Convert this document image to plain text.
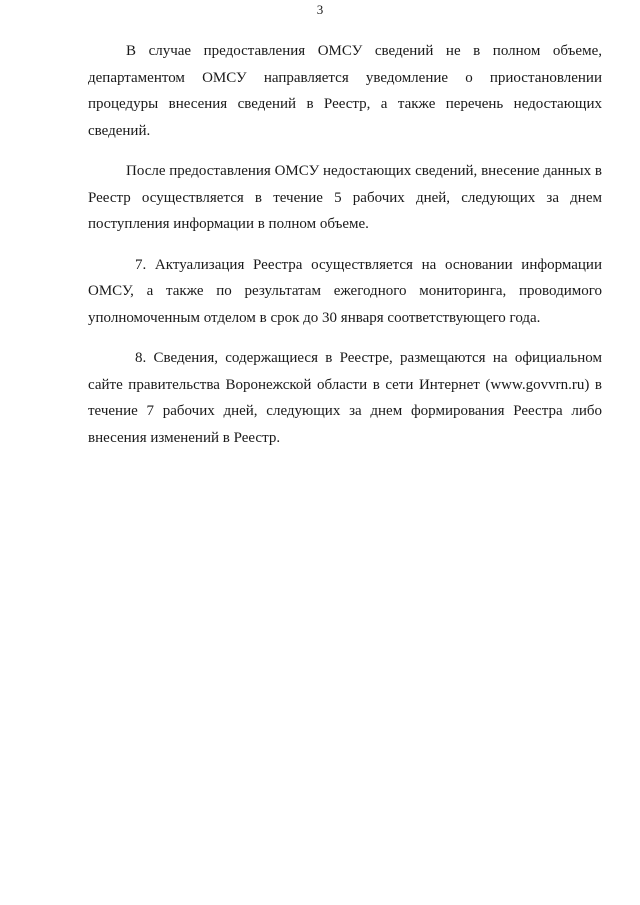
3
В случае предоставления ОМСУ сведений не в полном объеме,
департаментом ОМСУ направляется уведомление о приостановлении
процедуры внесения сведений в Реестр, а также перечень недостающих
сведений.
После предоставления ОМСУ недостающих сведений, внесение данных в
Реестр осуществляется в течение 5 рабочих дней, следующих за днем
поступления информации в полном объеме.
7. Актуализация Реестра осуществляется на основании информации
ОМСУ, а также по результатам ежегодного мониторинга, проводимого
уполномоченным отделом в срок до 30 января соответствующего года.
8. Сведения, содержащиеся в Реестре, размещаются на официальном
сайте правительства Воронежской области в сети Интернет (www.govvrn.ru) в
течение 7 рабочих дней, следующих за днем формирования Реестра либо
внесения изменений в Реестр.
